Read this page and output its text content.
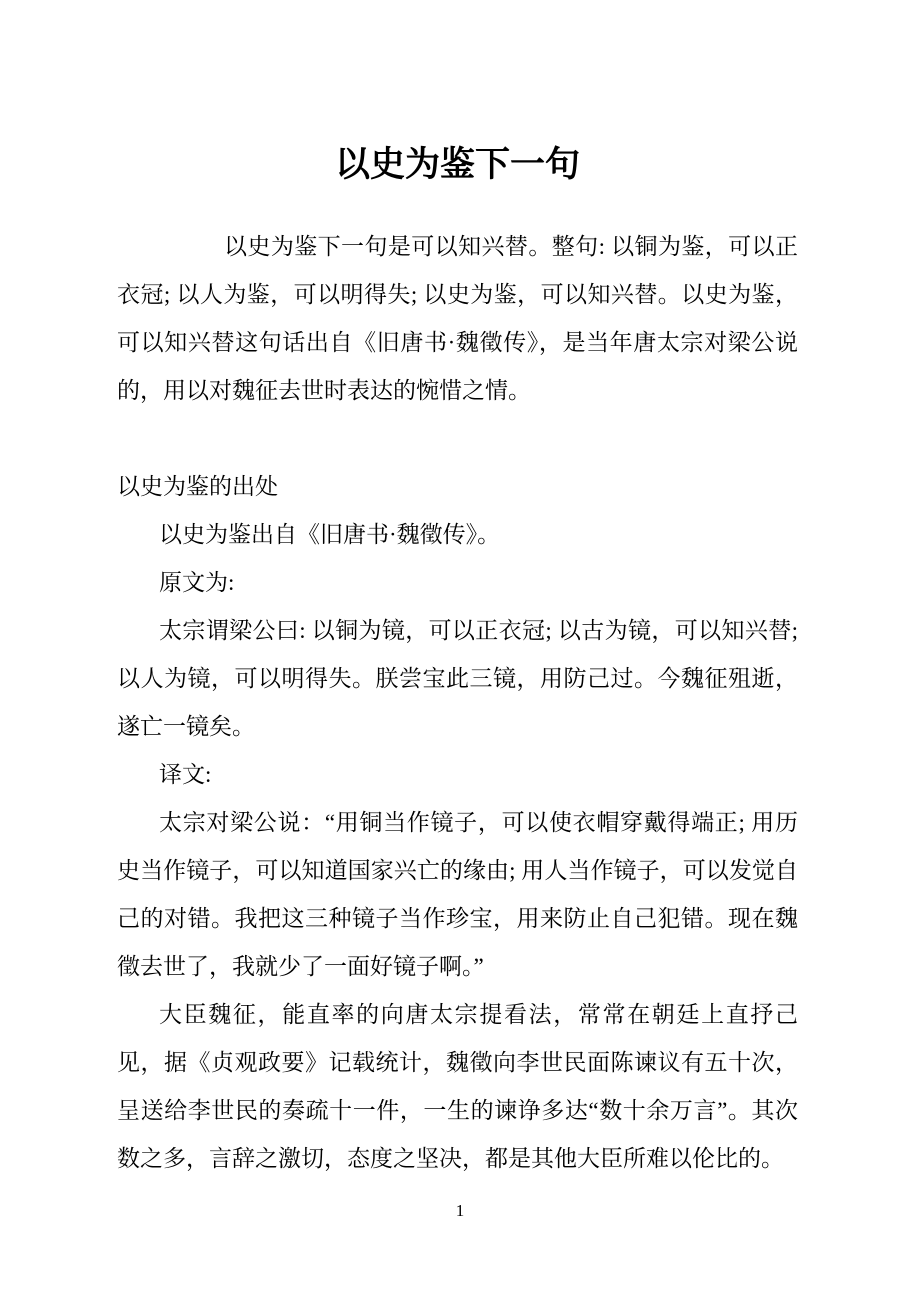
以史为鉴下一句

以史为鉴下一句是可以知兴替。整句: 以铜为鉴，可以正衣冠; 以人为鉴，可以明得失; 以史为鉴，可以知兴替。以史为鉴，可以知兴替这句话出自《旧唐书·魏徵传》，是当年唐太宗对梁公说的，用以对魏征去世时表达的惋惜之情。

以史为鉴的出处

以史为鉴出自《旧唐书·魏徵传》。

原文为:

太宗谓梁公曰: 以铜为镜，可以正衣冠; 以古为镜，可以知兴替; 以人为镜，可以明得失。朕尝宝此三镜，用防己过。今魏征殂逝，遂亡一镜矣。

译文:

太宗对梁公说：“用铜当作镜子，可以使衣帽穿戴得端正; 用历史当作镜子，可以知道国家兴亡的缘由; 用人当作镜子，可以发觉自己的对错。我把这三种镜子当作珍宝，用来防止自己犯错。现在魏徵去世了，我就少了一面好镜子啊。”

大臣魏征，能直率的向唐太宗提看法，常常在朝廷上直抒己见，据《贞观政要》记载统计，魏徵向李世民面陈谏议有五十次，呈送给李世民的奏疏十一件，一生的谏诤多达“数十余万言”。其次数之多，言辞之激切，态度之坚决，都是其他大臣所难以伦比的。

1
